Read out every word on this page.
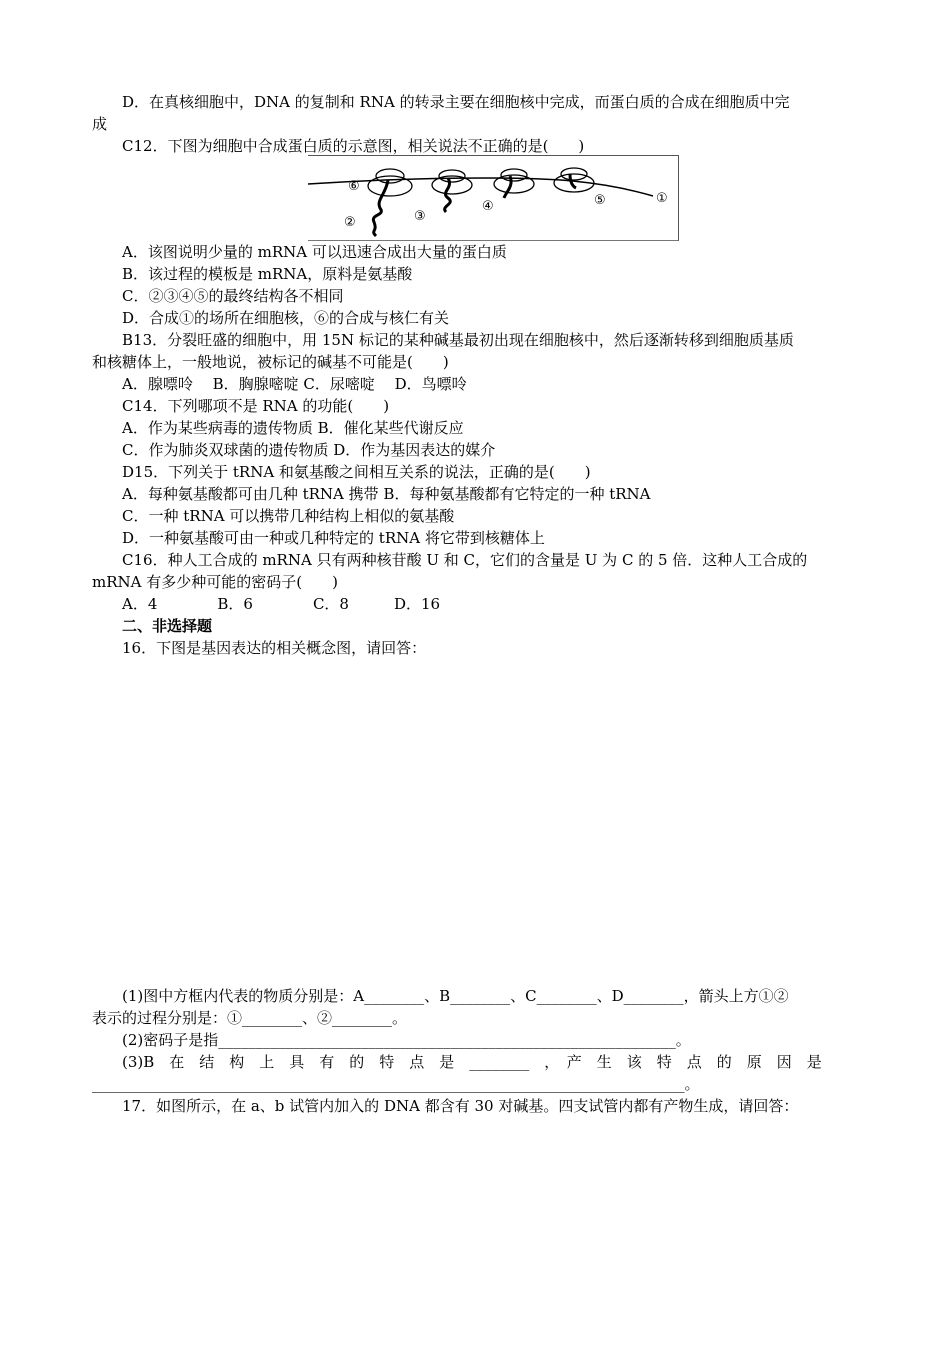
D．在真核细胞中，DNA 的复制和 RNA 的转录主要在细胞核中完成，而蛋白质的合成在细胞质中完
成
C12．下图为细胞中合成蛋白质的示意图，相关说法不正确的是(　　)
⑥
②	③
④	⑤	①
A．该图说明少量的 mRNA 可以迅速合成出大量的蛋白质
B．该过程的模板是 mRNA，原料是氨基酸
C．②③④⑤的最终结构各不相同
D．合成①的场所在细胞核，⑥的合成与核仁有关
B13．分裂旺盛的细胞中，用 15N 标记的某种碱基最初出现在细胞核中，然后逐渐转移到细胞质基质
和核糖体上，一般地说，被标记的碱基不可能是(　　)
A．腺嘌呤　 B．胸腺嘧啶 C．尿嘧啶　 D．鸟嘌呤
C14．下列哪项不是 RNA 的功能(　　)
A．作为某些病毒的遗传物质 B．催化某些代谢反应
C．作为肺炎双球菌的遗传物质 D．作为基因表达的媒介
D15．下列关于 tRNA 和氨基酸之间相互关系的说法，正确的是(　　)
A．每种氨基酸都可由几种 tRNA 携带 B．每种氨基酸都有它特定的一种 tRNA
C．一种 tRNA 可以携带几种结构上相似的氨基酸
D．一种氨基酸可由一种或几种特定的 tRNA 将它带到核糖体上
C16．种人工合成的 mRNA 只有两种核苷酸 U 和 C，它们的含量是 U 为 C 的 5 倍．这种人工合成的
mRNA 有多少种可能的密码子(　　)
A．4　　　　B．6　　　　C．8　　　D．16
二、非选择题
16．下图是基因表达的相关概念图，请回答：
(1)图中方框内代表的物质分别是：A________、B________、C________、D________，箭头上方①②
表示的过程分别是：①________、②________。
(2)密码子是指_____________________________________________________________。
(3)B　在　结　构　上　具　有　的　特　点　是　________　，　产　生　该　特　点　的　原　因　是
_______________________________________________________________________________。
17．如图所示，在 a、b 试管内加入的 DNA 都含有 30 对碱基。四支试管内都有产物生成，请回答：
